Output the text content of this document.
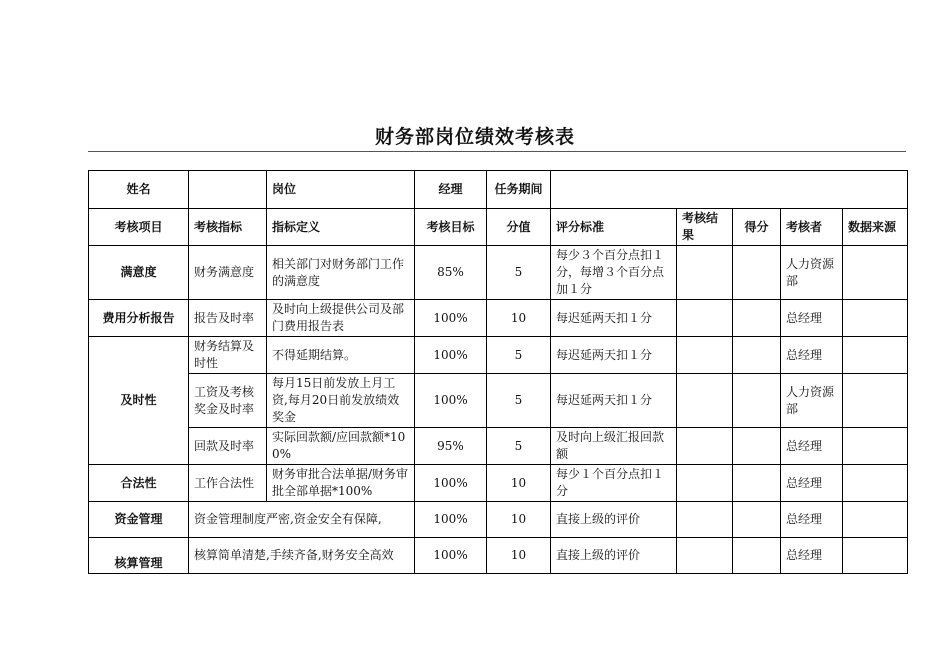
财务部岗位绩效考核表
姓名		岗位	经理	任务期间					
考核项目	考核指标	指标定义	考核目标	分值	评分标准	考核结果	得分	考核者	数据来源
满意度	财务满意度	相关部门对财务部门工作的满意度	85%	5	每少３个百分点扣１分，每增３个百分点加１分			人力资源部	
费用分析报告	报告及时率	及时向上级提供公司及部门费用报告表	100%	10	每迟延两天扣１分			总经理	
及时性	财务结算及时性	不得延期结算。	100%	5	每迟延两天扣１分			总经理	
	工资及考核奖金及时率	每月15日前发放上月工资,每月20日前发放绩效奖金	100%	5	每迟延两天扣１分			人力资源部	
	回款及时率	实际回款额/应回款额*100%	95%	5	及时向上级汇报回款额			总经理	
合法性	工作合法性	财务审批合法单据/财务审批全部单据*100%	100%	10	每少１个百分点扣１分			总经理	
资金管理	资金管理制度严密,资金安全有保障,		100%	10	直接上级的评价			总经理	
核算管理	核算简单清楚,手续齐备,财务安全高效		100%	10	直接上级的评价			总经理	
